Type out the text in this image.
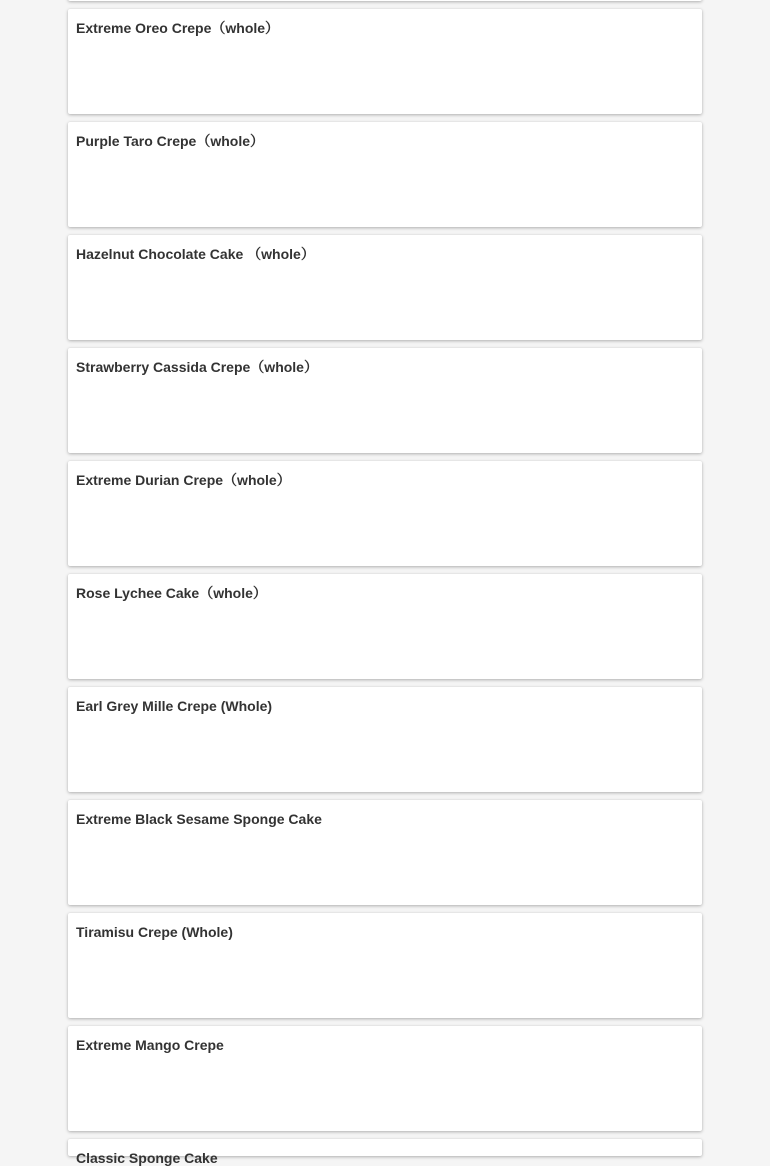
Extreme Oreo Crepe（whole）
Purple Taro Crepe（whole）
Hazelnut Chocolate Cake （whole）
Strawberry Cassida Crepe（whole）
Extreme Durian Crepe（whole）
Rose Lychee Cake（whole）
Earl Grey Mille Crepe (Whole)
Extreme Black Sesame Sponge Cake
Tiramisu Crepe (Whole)
Extreme Mango Crepe
Classic Sponge Cake
